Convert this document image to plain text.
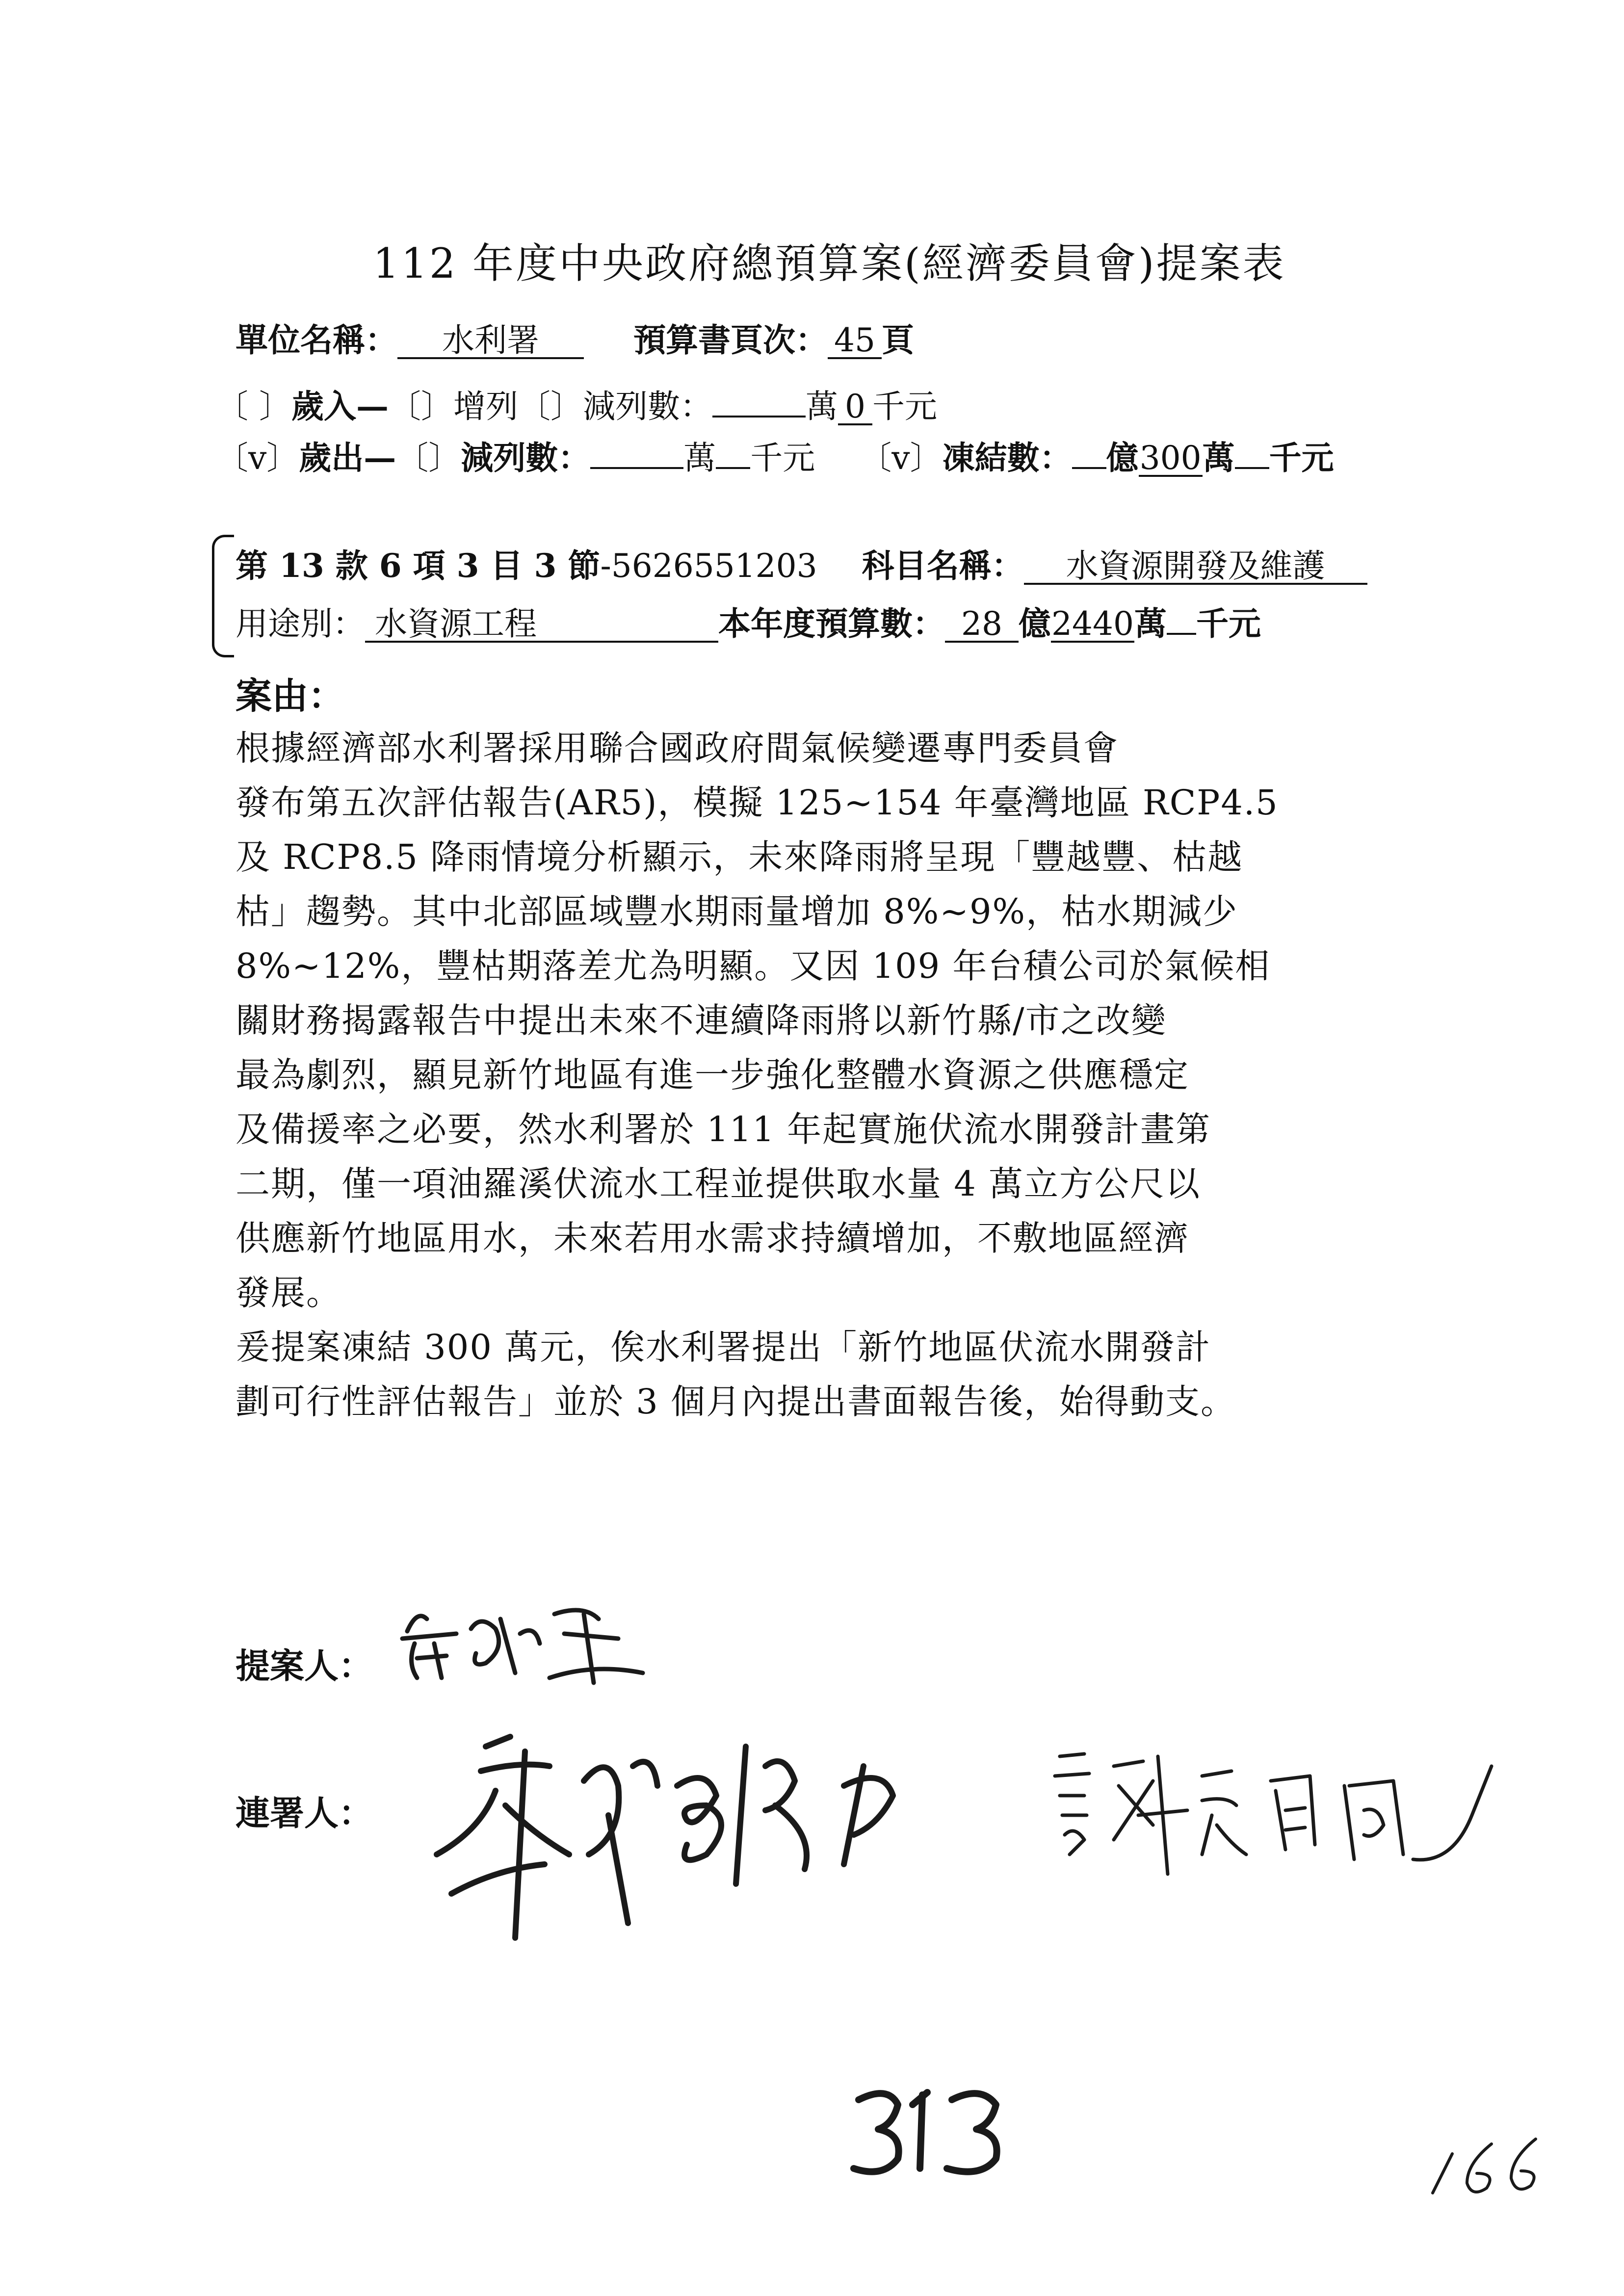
112 年度中央政府總預算案(經濟委員會)提案表
單位名稱： 水利署	預算書頁次： 45 頁
〔 〕歲入—〔〕增列〔〕減列數：	萬 0 千元
〔v〕歲出—〔〕減列數：	萬 千元 〔v〕凍結數： 億300萬 千元
第 13 款 6 項 3 目 3 節-5626551203 科目名稱： 水資源開發及維護
用途別： 水資源工程	本年度預算數： 28 億2440萬 千元
案由：
根據經濟部水利署採用聯合國政府間氣候變遷專門委員會
發布第五次評估報告(AR5)，模擬 125~154 年臺灣地區 RCP4.5
及 RCP8.5 降雨情境分析顯示，未來降雨將呈現「豐越豐、枯越
枯」趨勢。其中北部區域豐水期雨量增加 8%~9%，枯水期減少
8%~12%，豐枯期落差尤為明顯。又因 109 年台積公司於氣候相
關財務揭露報告中提出未來不連續降雨將以新竹縣/市之改變
最為劇烈，顯見新竹地區有進一步強化整體水資源之供應穩定
及備援率之必要，然水利署於 111 年起實施伏流水開發計畫第
二期，僅一項油羅溪伏流水工程並提供取水量 4 萬立方公尺以
供應新竹地區用水，未來若用水需求持續增加，不敷地區經濟
發展。
爰提案凍結 300 萬元，俟水利署提出「新竹地區伏流水開發計
劃可行性評估報告」並於 3 個月內提出書面報告後，始得動支。
提案人：
連署人：
